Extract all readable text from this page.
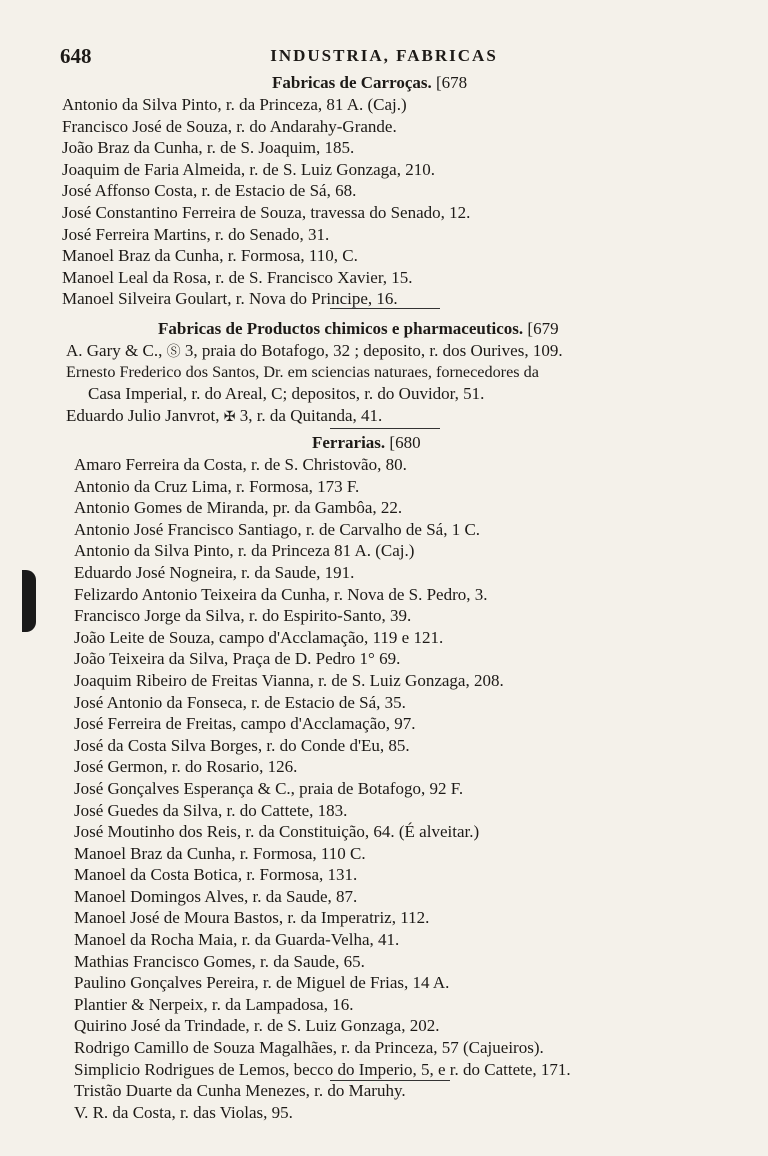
648	INDUSTRIA, FABRICAS
Fabricas de Carroças. [678
Antonio da Silva Pinto, r. da Princeza, 81 A. (Caj.)
Francisco José de Souza, r. do Andarahy-Grande.
João Braz da Cunha, r. de S. Joaquim, 185.
Joaquim de Faria Almeida, r. de S. Luiz Gonzaga, 210.
José Affonso Costa, r. de Estacio de Sá, 68.
José Constantino Ferreira de Souza, travessa do Senado, 12.
José Ferreira Martins, r. do Senado, 31.
Manoel Braz da Cunha, r. Formosa, 110, C.
Manoel Leal da Rosa, r. de S. Francisco Xavier, 15.
Manoel Silveira Goulart, r. Nova do Principe, 16.
Fabricas de Productos chimicos e pharmaceuticos. [679
A. Gary & C., Ⓢ 3, praia do Botafogo, 32 ; deposito, r. dos Ourives, 109.
Ernesto Frederico dos Santos, Dr. em sciencias naturaes, fornecedores da
Casa Imperial, r. do Areal, C; depositos, r. do Ouvidor, 51.
Eduardo Julio Janvrot, ✠ 3, r. da Quitanda, 41.
Ferrarias. [680
Amaro Ferreira da Costa, r. de S. Christovão, 80.
Antonio da Cruz Lima, r. Formosa, 173 F.
Antonio Gomes de Miranda, pr. da Gambôa, 22.
Antonio José Francisco Santiago, r. de Carvalho de Sá, 1 C.
Antonio da Silva Pinto, r. da Princeza 81 A. (Caj.)
Eduardo José Nogneira, r. da Saude, 191.
Felizardo Antonio Teixeira da Cunha, r. Nova de S. Pedro, 3.
Francisco Jorge da Silva, r. do Espirito-Santo, 39.
João Leite de Souza, campo d'Acclamação, 119 e 121.
João Teixeira da Silva, Praça de D. Pedro 1° 69.
Joaquim Ribeiro de Freitas Vianna, r. de S. Luiz Gonzaga, 208.
José Antonio da Fonseca, r. de Estacio de Sá, 35.
José Ferreira de Freitas, campo d'Acclamação, 97.
José da Costa Silva Borges, r. do Conde d'Eu, 85.
José Germon, r. do Rosario, 126.
José Gonçalves Esperança & C., praia de Botafogo, 92 F.
José Guedes da Silva, r. do Cattete, 183.
José Moutinho dos Reis, r. da Constituição, 64. (É alveitar.)
Manoel Braz da Cunha, r. Formosa, 110 C.
Manoel da Costa Botica, r. Formosa, 131.
Manoel Domingos Alves, r. da Saude, 87.
Manoel José de Moura Bastos, r. da Imperatriz, 112.
Manoel da Rocha Maia, r. da Guarda-Velha, 41.
Mathias Francisco Gomes, r. da Saude, 65.
Paulino Gonçalves Pereira, r. de Miguel de Frias, 14 A.
Plantier & Nerpeix, r. da Lampadosa, 16.
Quirino José da Trindade, r. de S. Luiz Gonzaga, 202.
Rodrigo Camillo de Souza Magalhães, r. da Princeza, 57 (Cajueiros).
Simplicio Rodrigues de Lemos, becco do Imperio, 5, e r. do Cattete, 171.
Tristão Duarte da Cunha Menezes, r. do Maruhy.
V. R. da Costa, r. das Violas, 95.
